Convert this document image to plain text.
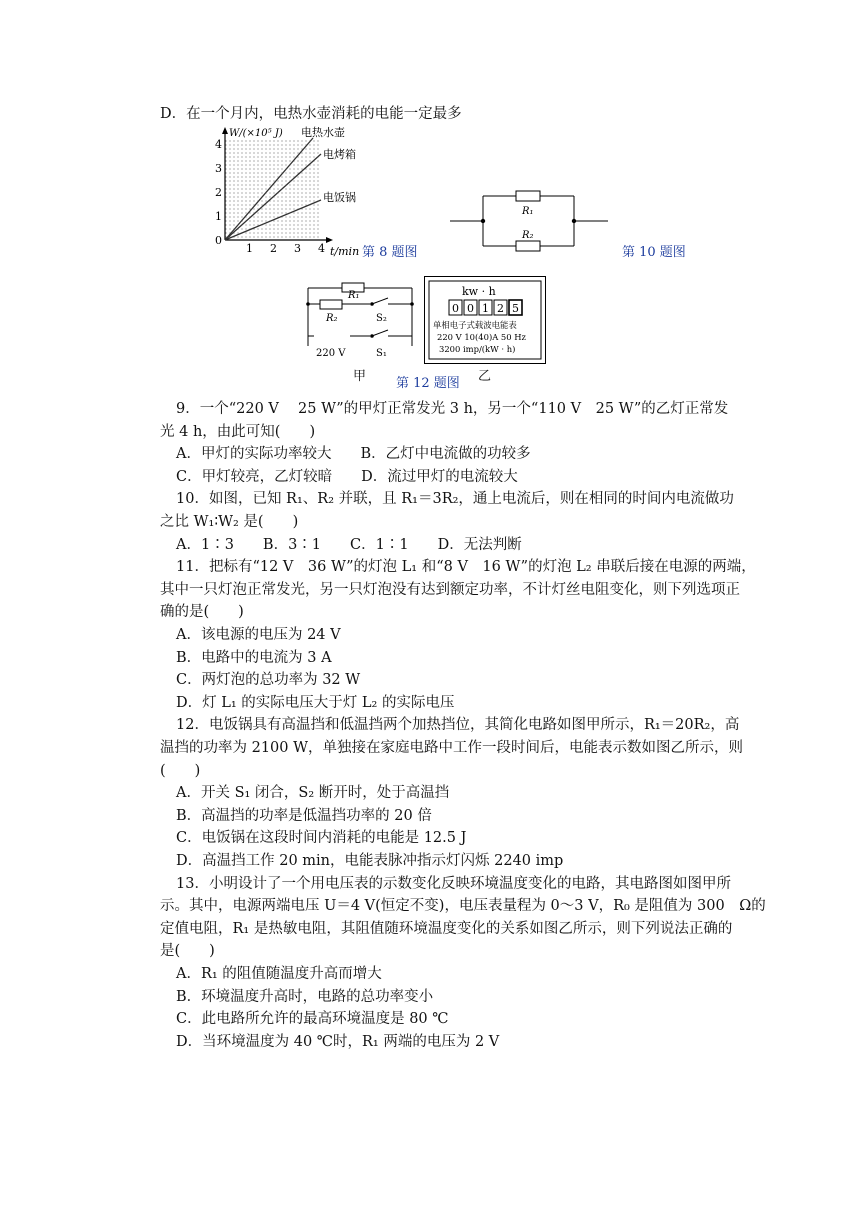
D．在一个月内，电热水壶消耗的电能一定最多
0
1
2
3
4
1 2 3 4
W/(×10⁵ J) 电热水壶
电烤箱
电饭锅
t/min 第 8 题图
R₁
R₂
第 10 题图
R₁
R₂	S₂
220 V	S₁
甲
kw · h
0 0 1 2 5
单相电子式载波电能表
220 V 10(40)A 50 Hz
3200 imp/(kW · h)
第 12 题图 乙
9．一个“220 V　 25 W”的甲灯正常发光 3 h，另一个“110 V　25 W”的乙灯正常发
光 4 h，由此可知(　　)
A．甲灯的实际功率较大　　B．乙灯中电流做的功较多
C．甲灯较亮，乙灯较暗　　D．流过甲灯的电流较大
10．如图，已知 R₁、R₂ 并联，且 R₁＝3R₂，通上电流后，则在相同的时间内电流做功
之比 W₁∶W₂ 是(　　)
A．1∶3　　B．3∶1　　C．1∶1　　D．无法判断
11．把标有“12 V　36 W”的灯泡 L₁ 和“8 V　16 W”的灯泡 L₂ 串联后接在电源的两端，
其中一只灯泡正常发光，另一只灯泡没有达到额定功率，不计灯丝电阻变化，则下列选项正
确的是(　　)
A．该电源的电压为 24 V
B．电路中的电流为 3 A
C．两灯泡的总功率为 32 W
D．灯 L₁ 的实际电压大于灯 L₂ 的实际电压
12．电饭锅具有高温挡和低温挡两个加热挡位，其简化电路如图甲所示，R₁＝20R₂，高
温挡的功率为 2100 W，单独接在家庭电路中工作一段时间后，电能表示数如图乙所示，则
(　　)
A．开关 S₁ 闭合，S₂ 断开时，处于高温挡
B．高温挡的功率是低温挡功率的 20 倍
C．电饭锅在这段时间内消耗的电能是 12.5 J
D．高温挡工作 20 min，电能表脉冲指示灯闪烁 2240 imp
13．小明设计了一个用电压表的示数变化反映环境温度变化的电路，其电路图如图甲所
示。其中，电源两端电压 U＝4 V(恒定不变)，电压表量程为 0～3 V，R₀ 是阻值为 300　Ω的
定值电阻，R₁ 是热敏电阻，其阻值随环境温度变化的关系如图乙所示，则下列说法正确的
是(　　)
A．R₁ 的阻值随温度升高而增大
B．环境温度升高时，电路的总功率变小
C．此电路所允许的最高环境温度是 80 ℃
D．当环境温度为 40 ℃时，R₁ 两端的电压为 2 V
